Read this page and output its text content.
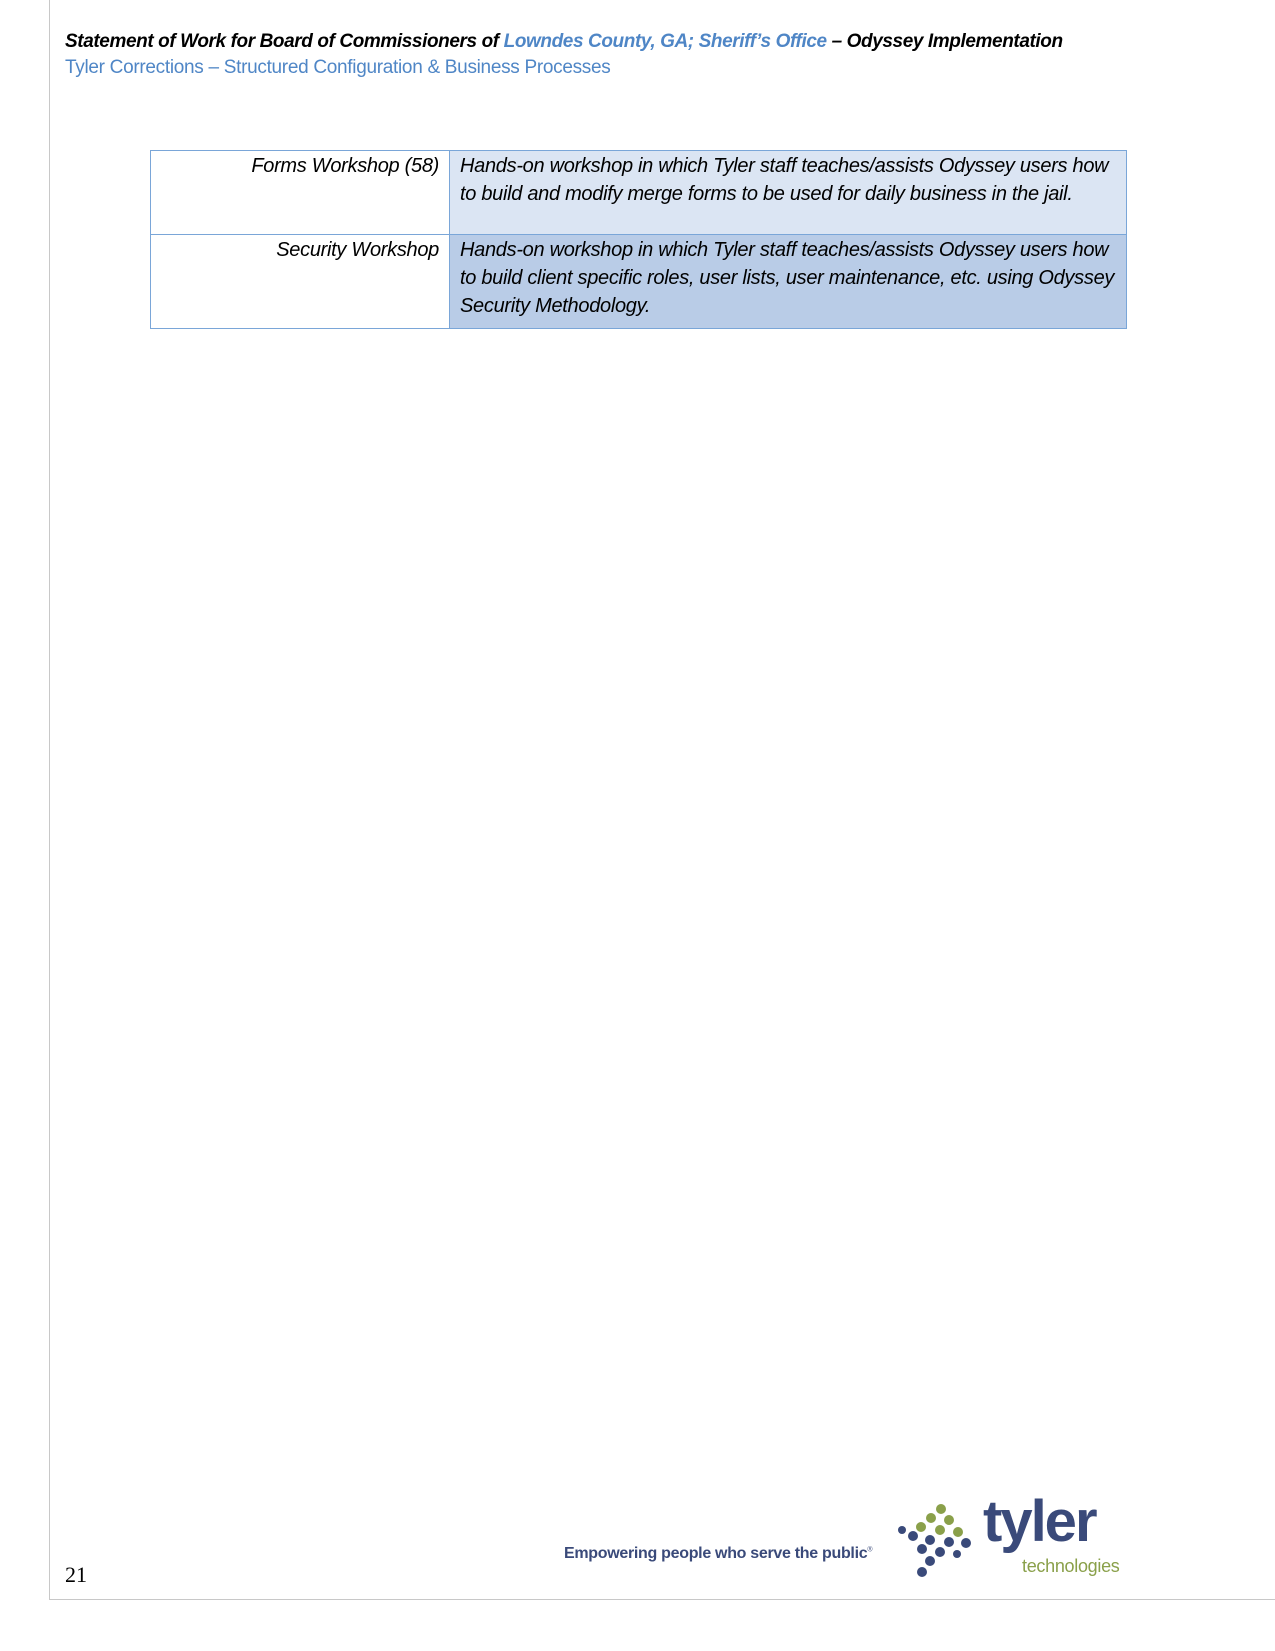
Statement of Work for Board of Commissioners of Lowndes County, GA; Sheriff’s Office – Odyssey Implementation
Tyler Corrections – Structured Configuration & Business Processes
Forms Workshop (58)	Hands-on workshop in which Tyler staff teaches/assists Odyssey users how to build and modify merge forms to be used for daily business in the jail.
Security Workshop	Hands-on workshop in which Tyler staff teaches/assists Odyssey users how to build client specific roles, user lists, user maintenance, etc. using Odyssey Security Methodology.
21
Empowering people who serve the public® tyler
technologies
